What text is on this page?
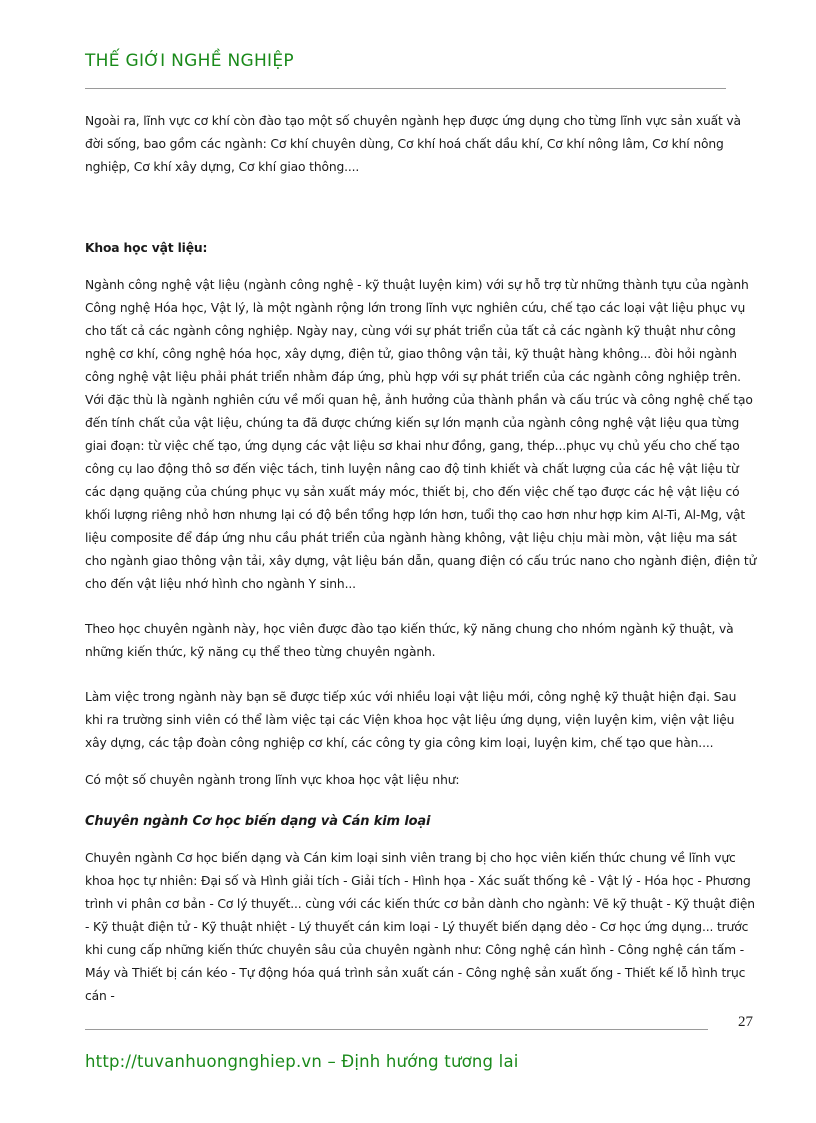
THẾ GIỚI NGHỀ NGHIỆP

Ngoài ra, lĩnh vực cơ khí còn đào tạo một số chuyên ngành hẹp được ứng dụng cho từng lĩnh vực sản xuất và đời sống, bao gồm các ngành: Cơ khí chuyên dùng, Cơ khí hoá chất dầu khí, Cơ khí nông lâm, Cơ khí nông nghiệp, Cơ khí xây dựng, Cơ khí giao thông....

Khoa học vật liệu:

Ngành công nghệ vật liệu (ngành công nghệ - kỹ thuật luyện kim) với sự hỗ trợ từ những thành tựu của ngành Công nghệ Hóa học, Vật lý, là một ngành rộng lớn trong lĩnh vực nghiên cứu, chế tạo các loại vật liệu phục vụ cho tất cả các ngành công nghiệp. Ngày nay, cùng với sự phát triển của tất cả các ngành kỹ thuật như công nghệ cơ khí, công nghệ hóa học, xây dựng, điện tử, giao thông vận tải, kỹ thuật hàng không... đòi hỏi ngành công nghệ vật liệu phải phát triển nhằm đáp ứng, phù hợp với sự phát triển của các ngành công nghiệp trên. Với đặc thù là ngành nghiên cứu về mối quan hệ, ảnh hưởng của thành phần và cấu trúc và công nghệ chế tạo đến tính chất của vật liệu, chúng ta đã được chứng kiến sự lớn mạnh của ngành công nghệ vật liệu qua từng giai đoạn: từ việc chế tạo, ứng dụng các vật liệu sơ khai như đồng, gang, thép...phục vụ chủ yếu cho chế tạo công cụ lao động thô sơ đến việc tách, tinh luyện nâng cao độ tinh khiết và chất lượng của các hệ vật liệu từ các dạng quặng của chúng phục vụ sản xuất máy móc, thiết bị, cho đến việc chế tạo được các hệ vật liệu có khối lượng riêng nhỏ hơn nhưng lại có độ bền tổng hợp lớn hơn, tuổi thọ cao hơn như hợp kim Al-Ti, Al-Mg, vật liệu composite để đáp ứng nhu cầu phát triển của ngành hàng không, vật liệu chịu mài mòn, vật liệu ma sát cho ngành giao thông vận tải, xây dựng, vật liệu bán dẫn, quang điện có cấu trúc nano cho ngành điện, điện tử cho đến vật liệu nhớ hình cho ngành Y sinh...

Theo học chuyên ngành này, học viên được đào tạo kiến thức, kỹ năng chung cho nhóm ngành kỹ thuật, và những kiến thức, kỹ năng cụ thể theo từng chuyên ngành.

Làm việc trong ngành này bạn sẽ được tiếp xúc với nhiều loại vật liệu mới, công nghệ kỹ thuật hiện đại. Sau khi ra trường sinh viên có thể làm việc tại các Viện khoa học vật liệu ứng dụng, viện luyện kim, viện vật liệu xây dựng, các tập đoàn công nghiệp cơ khí, các công ty gia công kim loại, luyện kim, chế tạo que hàn....

Có một số chuyên ngành trong lĩnh vực khoa học vật liệu như:

Chuyên ngành Cơ học biến dạng và Cán kim loại

Chuyên ngành Cơ học biến dạng và Cán kim loại sinh viên trang bị cho học viên kiến thức chung về lĩnh vực khoa học tự nhiên: Đại số và Hình giải tích - Giải tích - Hình họa - Xác suất thống kê - Vật lý - Hóa học - Phương trình vi phân cơ bản - Cơ lý thuyết... cùng với các kiến thức cơ bản dành cho ngành: Vẽ kỹ thuật - Kỹ thuật điện - Kỹ thuật điện tử - Kỹ thuật nhiệt - Lý thuyết cán kim loại - Lý thuyết biến dạng dẻo - Cơ học ứng dụng... trước khi cung cấp những kiến thức chuyên sâu của chuyên ngành như: Công nghệ cán hình - Công nghệ cán tấm - Máy và Thiết bị cán kéo - Tự động hóa quá trình sản xuất cán - Công nghệ sản xuất ống - Thiết kế lỗ hình trục cán -

27
http://tuvanhuongnghiep.vn – Định hướng tương lai
